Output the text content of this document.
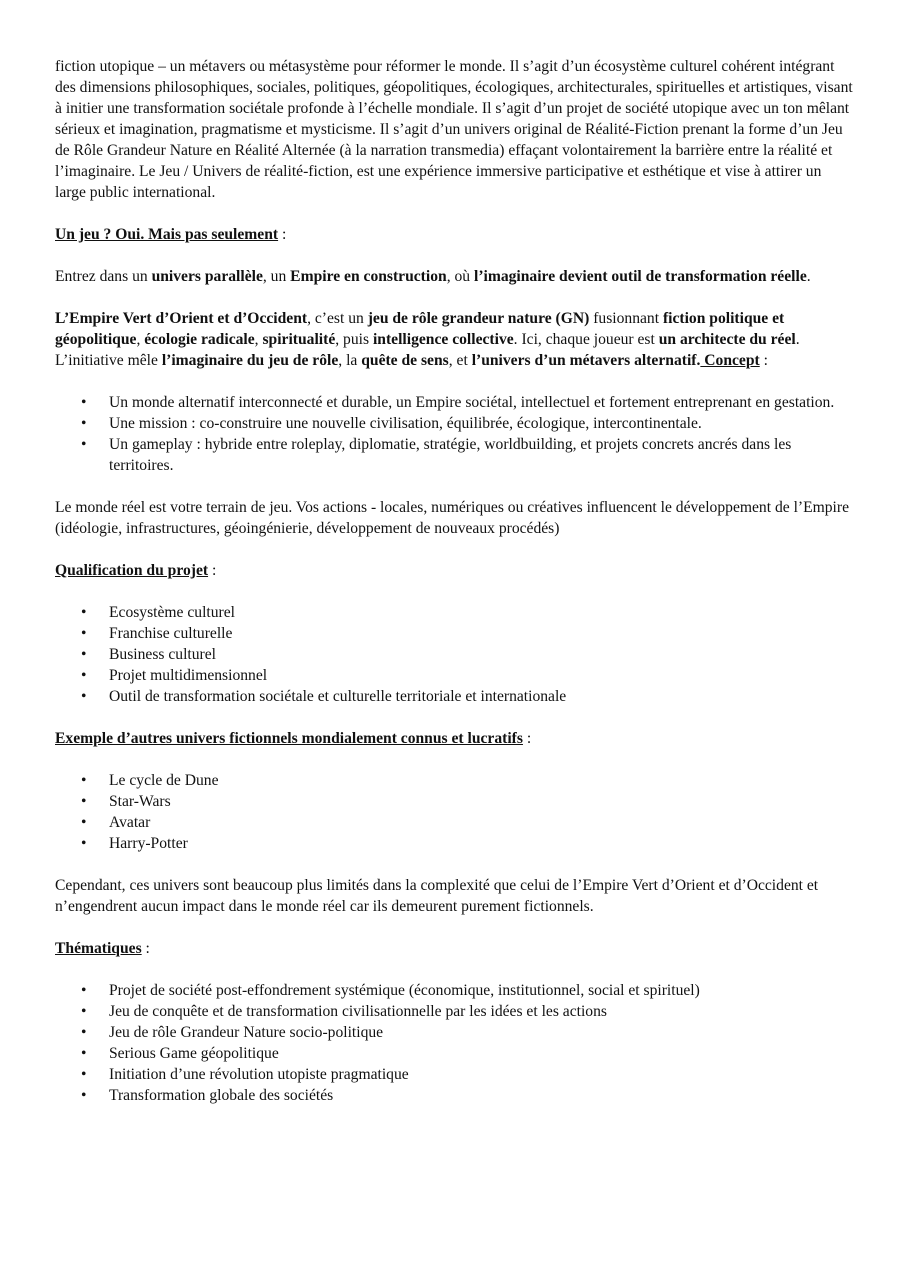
fiction utopique – un métavers ou métasystème pour réformer le monde. Il s’agit d’un écosystème culturel cohérent intégrant des dimensions philosophiques, sociales, politiques, géopolitiques, écologiques, architecturales, spirituelles et artistiques, visant à initier une transformation sociétale profonde à l’échelle mondiale. Il s’agit d’un projet de société utopique avec un ton mêlant sérieux et imagination, pragmatisme et mysticisme. Il s’agit d’un univers original de Réalité-Fiction prenant la forme d’un Jeu de Rôle Grandeur Nature en Réalité Alternée (à la narration transmedia) effaçant volontairement la barrière entre la réalité et l’imaginaire. Le Jeu / Univers de réalité-fiction, est une expérience immersive participative et esthétique et vise à attirer un large public international.

Un jeu ? Oui. Mais pas seulement :

Entrez dans un univers parallèle, un Empire en construction, où l’imaginaire devient outil de transformation réelle.

L’Empire Vert d’Orient et d’Occident, c’est un jeu de rôle grandeur nature (GN) fusionnant fiction politique et géopolitique, écologie radicale, spiritualité, puis intelligence collective. Ici, chaque joueur est un architecte du réel. L’initiative mêle l’imaginaire du jeu de rôle, la quête de sens, et l’univers d’un métavers alternatif. Concept :

• Un monde alternatif interconnecté et durable, un Empire sociétal, intellectuel et fortement entreprenant en gestation.
• Une mission : co-construire une nouvelle civilisation, équilibrée, écologique, intercontinentale.
• Un gameplay : hybride entre roleplay, diplomatie, stratégie, worldbuilding, et projets concrets ancrés dans les territoires.

Le monde réel est votre terrain de jeu. Vos actions - locales, numériques ou créatives influencent le développement de l’Empire (idéologie, infrastructures, géoingénierie, développement de nouveaux procédés)

Qualification du projet :

• Ecosystème culturel
• Franchise culturelle
• Business culturel
• Projet multidimensionnel
• Outil de transformation sociétale et culturelle territoriale et internationale

Exemple d’autres univers fictionnels mondialement connus et lucratifs :

• Le cycle de Dune
• Star-Wars
• Avatar
• Harry-Potter

Cependant, ces univers sont beaucoup plus limités dans la complexité que celui de l’Empire Vert d’Orient et d’Occident et n’engendrent aucun impact dans le monde réel car ils demeurent purement fictionnels.

Thématiques :

• Projet de société post-effondrement systémique (économique, institutionnel, social et spirituel)
• Jeu de conquête et de transformation civilisationnelle par les idées et les actions
• Jeu de rôle Grandeur Nature socio-politique
• Serious Game géopolitique
• Initiation d’une révolution utopiste pragmatique
• Transformation globale des sociétés
